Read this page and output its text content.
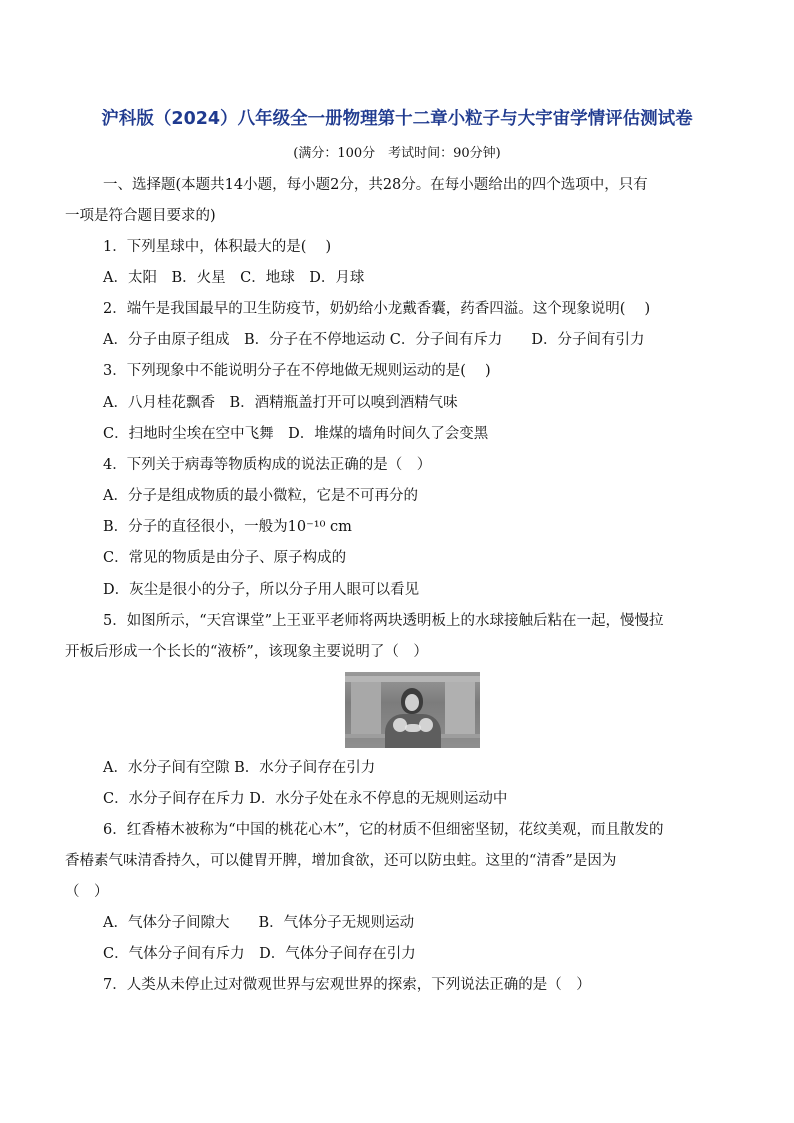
沪科版（2024）八年级全一册物理第十二章小粒子与大宇宙学情评估测试卷
(满分：100分　考试时间：90分钟)
一、选择题(本题共14小题，每小题2分，共28分。在每小题给出的四个选项中，只有
一项是符合题目要求的)
1．下列星球中，体积最大的是(　 )
A．太阳　B．火星　C．地球　D．月球
2．端午是我国最早的卫生防疫节，奶奶给小龙戴香囊，药香四溢。这个现象说明(　 )
A．分子由原子组成　B．分子在不停地运动 C．分子间有斥力　　D．分子间有引力
3．下列现象中不能说明分子在不停地做无规则运动的是(　 )
A．八月桂花飘香　B．酒精瓶盖打开可以嗅到酒精气味
C．扫地时尘埃在空中飞舞　D．堆煤的墙角时间久了会变黑
4．下列关于病毒等物质构成的说法正确的是（　）
A．分子是组成物质的最小微粒，它是不可再分的
B．分子的直径很小，一般为10⁻¹⁰ cm
C．常见的物质是由分子、原子构成的
D．灰尘是很小的分子，所以分子用人眼可以看见
5．如图所示，“天宫课堂”上王亚平老师将两块透明板上的水球接触后粘在一起，慢慢拉
开板后形成一个长长的“液桥”，该现象主要说明了（　）
A．水分子间有空隙 B．水分子间存在引力
C．水分子间存在斥力 D．水分子处在永不停息的无规则运动中
6．红香椿木被称为“中国的桃花心木”，它的材质不但细密坚韧，花纹美观，而且散发的
香椿素气味清香持久，可以健胃开脾，增加食欲，还可以防虫蛀。这里的“清香”是因为
（　）
A．气体分子间隙大　　B．气体分子无规则运动
C．气体分子间有斥力　D．气体分子间存在引力
7．人类从未停止过对微观世界与宏观世界的探索，下列说法正确的是（　）
